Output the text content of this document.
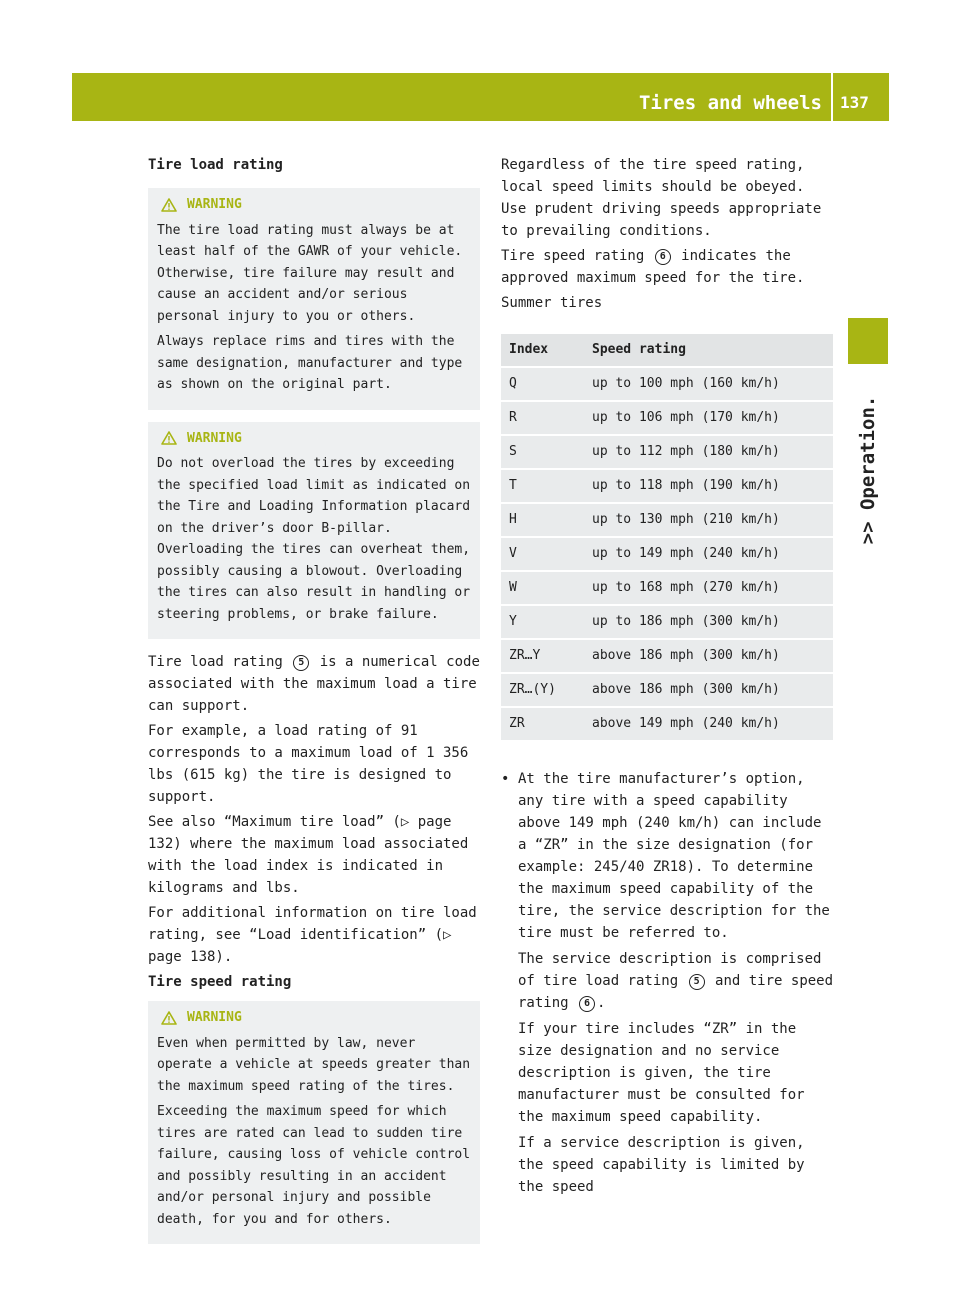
Tires and wheels 137
>> Operation.
Tire load rating
WARNING

The tire load rating must always be at least half of the GAWR of your vehicle. Otherwise, tire failure may result and cause an accident and/or serious personal injury to you or others.

Always replace rims and tires with the same designation, manufacturer and type as shown on the original part.

WARNING

Do not overload the tires by exceeding the specified load limit as indicated on the Tire and Loading Information placard on the driver’s door B-pillar. Overloading the tires can overheat them, possibly causing a blowout. Overloading the tires can also result in handling or steering problems, or brake failure.

Tire load rating 5 is a numerical code associated with the maximum load a tire can support.

For example, a load rating of 91 corresponds to a maximum load of 1 356 lbs (615 kg) the tire is designed to support.

See also “Maximum tire load” (▷ page 132) where the maximum load associated with the load index is indicated in kilograms and lbs.

For additional information on tire load rating, see “Load identification” (▷ page 138).

Tire speed rating
WARNING

Even when permitted by law, never operate a vehicle at speeds greater than the maximum speed rating of the tires.

Exceeding the maximum speed for which tires are rated can lead to sudden tire failure, causing loss of vehicle control and possibly resulting in an accident and/or personal injury and possible death, for you and for others.

Regardless of the tire speed rating, local speed limits should be obeyed. Use prudent driving speeds appropriate to prevailing conditions.

Tire speed rating 6 indicates the approved maximum speed for the tire.

Summer tires

Index	Speed rating
Q	up to 100 mph (160 km/h)
R	up to 106 mph (170 km/h)
S	up to 112 mph (180 km/h)
T	up to 118 mph (190 km/h)
H	up to 130 mph (210 km/h)
V	up to 149 mph (240 km/h)
W	up to 168 mph (270 km/h)
Y	up to 186 mph (300 km/h)
ZR…Y	above 186 mph (300 km/h)
ZR…(Y)	above 186 mph (300 km/h)
ZR	above 149 mph (240 km/h)
• At the tire manufacturer’s option, any tire with a speed capability above 149 mph (240 km/h) can include a “ZR” in the size designation (for example: 245/40 ZR18). To determine the maximum speed capability of the tire, the service description for the tire must be referred to.

The service description is comprised of tire load rating 5 and tire speed rating 6 .

If your tire includes “ZR” in the size designation and no service description is given, the tire manufacturer must be consulted for the maximum speed capability.

If a service description is given, the speed capability is limited by the speed
